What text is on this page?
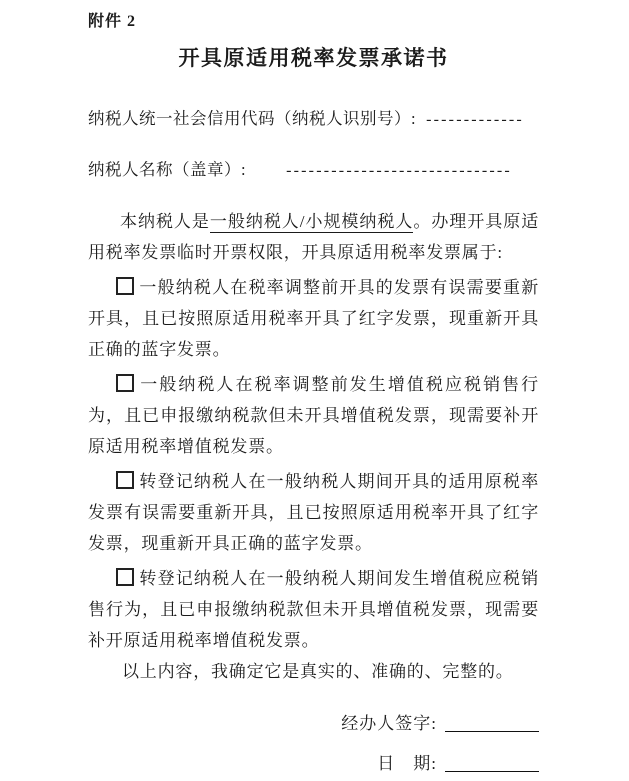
附件 2
开具原适用税率发票承诺书
纳税人统一社会信用代码（纳税人识别号）: -------------
纳税人名称（盖章）:	------------------------------

本纳税人是一般纳税人/小规模纳税人。办理开具原适用税率发票临时开票权限，开具原适用税率发票属于:

一般纳税人在税率调整前开具的发票有误需要重新开具，且已按照原适用税率开具了红字发票，现重新开具正确的蓝字发票。

一般纳税人在税率调整前发生增值税应税销售行为，且已申报缴纳税款但未开具增值税发票，现需要补开原适用税率增值税发票。

转登记纳税人在一般纳税人期间开具的适用原税率发票有误需要重新开具，且已按照原适用税率开具了红字发票，现重新开具正确的蓝字发票。

转登记纳税人在一般纳税人期间发生增值税应税销售行为，且已申报缴纳税款但未开具增值税发票，现需要补开原适用税率增值税发票。

以上内容，我确定它是真实的、准确的、完整的。

经办人签字:
日　期:
